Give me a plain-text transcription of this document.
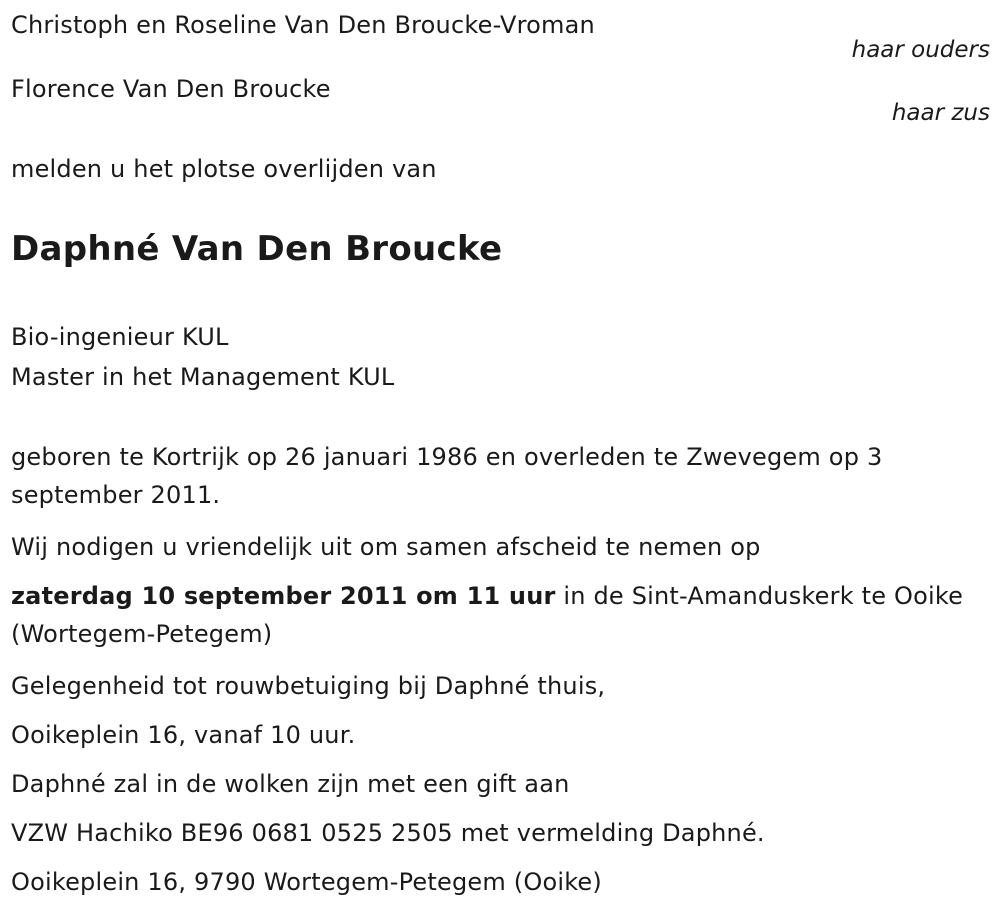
Christoph en Roseline Van Den Broucke-Vroman
haar ouders
Florence Van Den Broucke
haar zus
melden u het plotse overlijden van
Daphné Van Den Broucke
Bio-ingenieur KUL
Master in het Management KUL
geboren te Kortrijk op 26 januari 1986 en overleden te Zwevegem op 3 september 2011.
Wij nodigen u vriendelijk uit om samen afscheid te nemen op
zaterdag 10 september 2011 om 11 uur in de Sint-Amanduskerk te Ooike (Wortegem-Petegem)
Gelegenheid tot rouwbetuiging bij Daphné thuis,
Ooikeplein 16, vanaf 10 uur.
Daphné zal in de wolken zijn met een gift aan
VZW Hachiko BE96 0681 0525 2505 met vermelding Daphné.
Ooikeplein 16, 9790 Wortegem-Petegem (Ooike)
